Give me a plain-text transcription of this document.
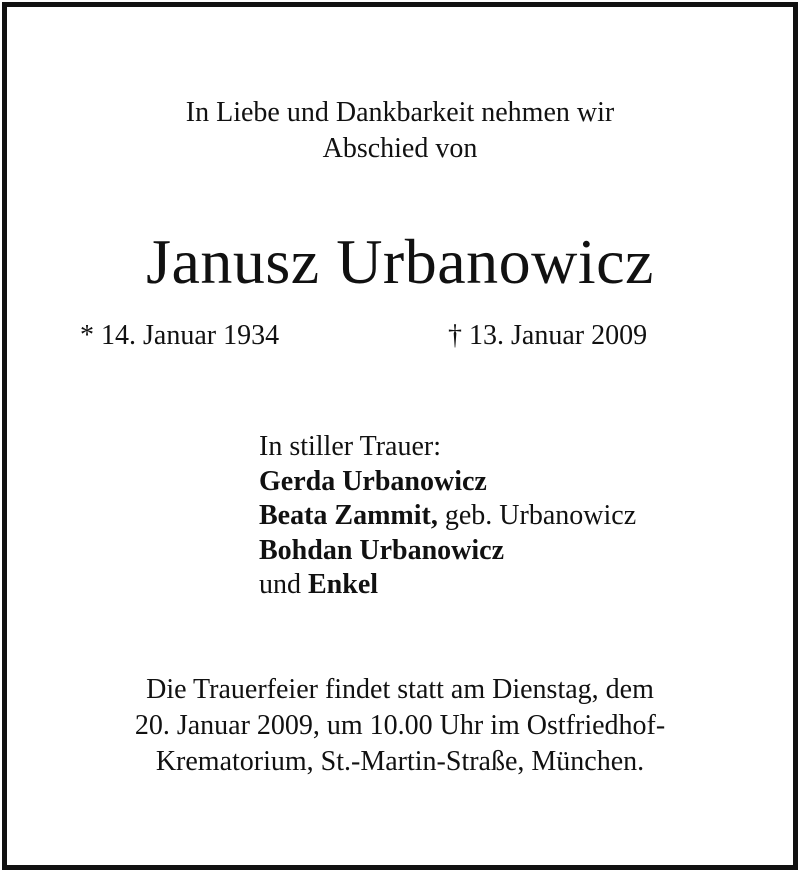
In Liebe und Dankbarkeit nehmen wir
Abschied von
Janusz Urbanowicz
* 14. Januar 1934	† 13. Januar 2009
In stiller Trauer:
Gerda Urbanowicz
Beata Zammit, geb. Urbanowicz
Bohdan Urbanowicz
und Enkel
Die Trauerfeier findet statt am Dienstag, dem
20. Januar 2009, um 10.00 Uhr im Ostfriedhof-
Krematorium, St.-Martin-Straße, München.
